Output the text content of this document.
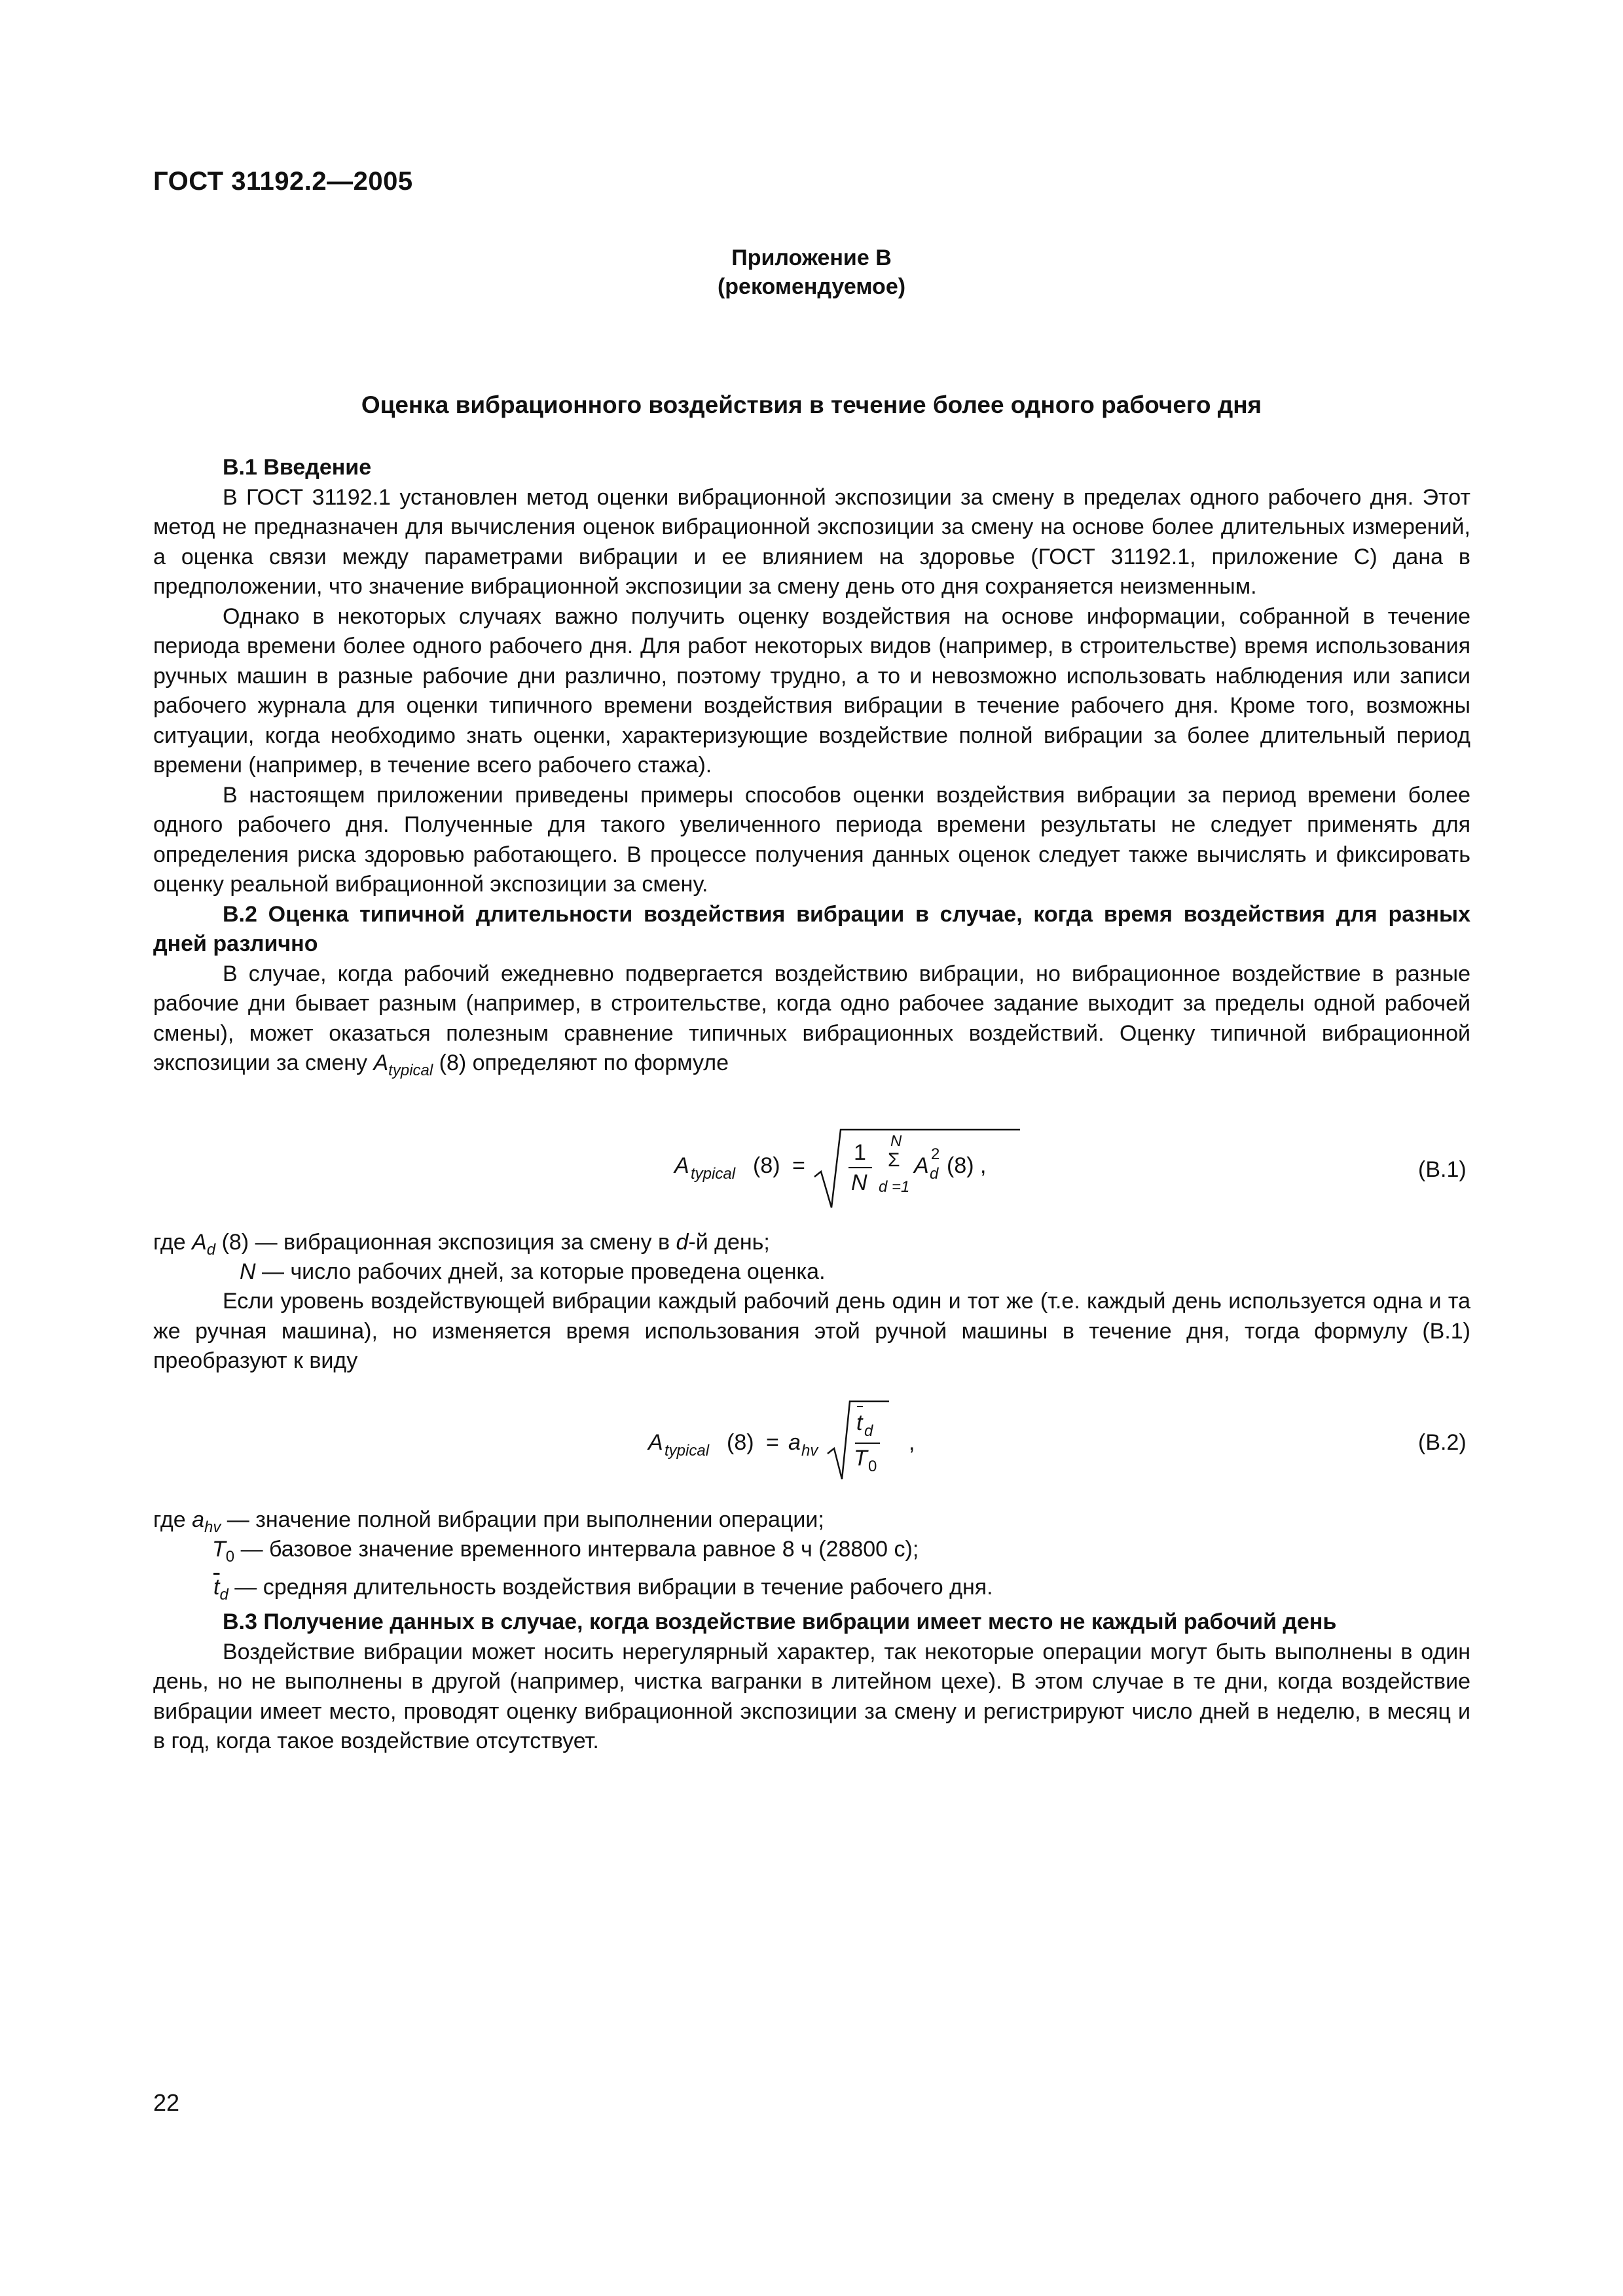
ГОСТ 31192.2—2005
Приложение В
(рекомендуемое)
Оценка вибрационного воздействия в течение более одного рабочего дня

В.1 Введение

В ГОСТ 31192.1 установлен метод оценки вибрационной экспозиции за смену в пределах одного рабочего дня. Этот метод не предназначен для вычисления оценок вибрационной экспозиции за смену на основе более длительных измерений, а оценка связи между параметрами вибрации и ее влиянием на здоровье (ГОСТ 31192.1, приложение С) дана в предположении, что значение вибрационной экспозиции за смену день ото дня сохраняется неизменным.

Однако в некоторых случаях важно получить оценку воздействия на основе информации, собранной в течение периода времени более одного рабочего дня. Для работ некоторых видов (например, в строительстве) время использования ручных машин в разные рабочие дни различно, поэтому трудно, а то и невозможно использовать наблюдения или записи рабочего журнала для оценки типичного времени воздействия вибрации в течение рабочего дня. Кроме того, возможны ситуации, когда необходимо знать оценки, характеризующие воздействие полной вибрации за более длительный период времени (например, в течение всего рабочего стажа).

В настоящем приложении приведены примеры способов оценки воздействия вибрации за период времени более одного рабочего дня. Полученные для такого увеличенного периода времени результаты не следует применять для определения риска здоровью работающего. В процессе получения данных оценок следует также вычислять и фиксировать оценку реальной вибрационной экспозиции за смену.

В.2 Оценка типичной длительности воздействия вибрации в случае, когда время воздействия для разных дней различно

В случае, когда рабочий ежедневно подвергается воздействию вибрации, но вибрационное воздействие в разные рабочие дни бывает разным (например, в строительстве, когда одно рабочее задание выходит за пределы одной рабочей смены), может оказаться полезным сравнение типичных вибрационных воздействий. Оценку типичной вибрационной экспозиции за смену $A_{typical}$ (8) определяют по формуле

A typical (8) =
1
N
N
Σ
d =1
A 2
d (8) ,	(В.1)
где $A_d$ (8) — вибрационная экспозиция за смену в d-й день;
N — число рабочих дней, за которые проведена оценка.

Если уровень воздействующей вибрации каждый рабочий день один и тот же (т.е. каждый день используется одна и та же ручная машина), но изменяется время использования этой ручной машины в течение дня, тогда формулу (В.1) преобразуют к виду

A typical (8) = a hv
t d
T 0
,	(В.2)
где $a_{hv}$ — значение полной вибрации при выполнении операции;
$T_0$ — базовое значение временного интервала равное 8 ч (28800 с);
$\overline{t}_d$ — средняя длительность воздействия вибрации в течение рабочего дня.

В.3 Получение данных в случае, когда воздействие вибрации имеет место не каждый рабочий день

Воздействие вибрации может носить нерегулярный характер, так некоторые операции могут быть выполнены в один день, но не выполнены в другой (например, чистка вагранки в литейном цехе). В этом случае в те дни, когда воздействие вибрации имеет место, проводят оценку вибрационной экспозиции за смену и регистрируют число дней в неделю, в месяц и в год, когда такое воздействие отсутствует.

22
